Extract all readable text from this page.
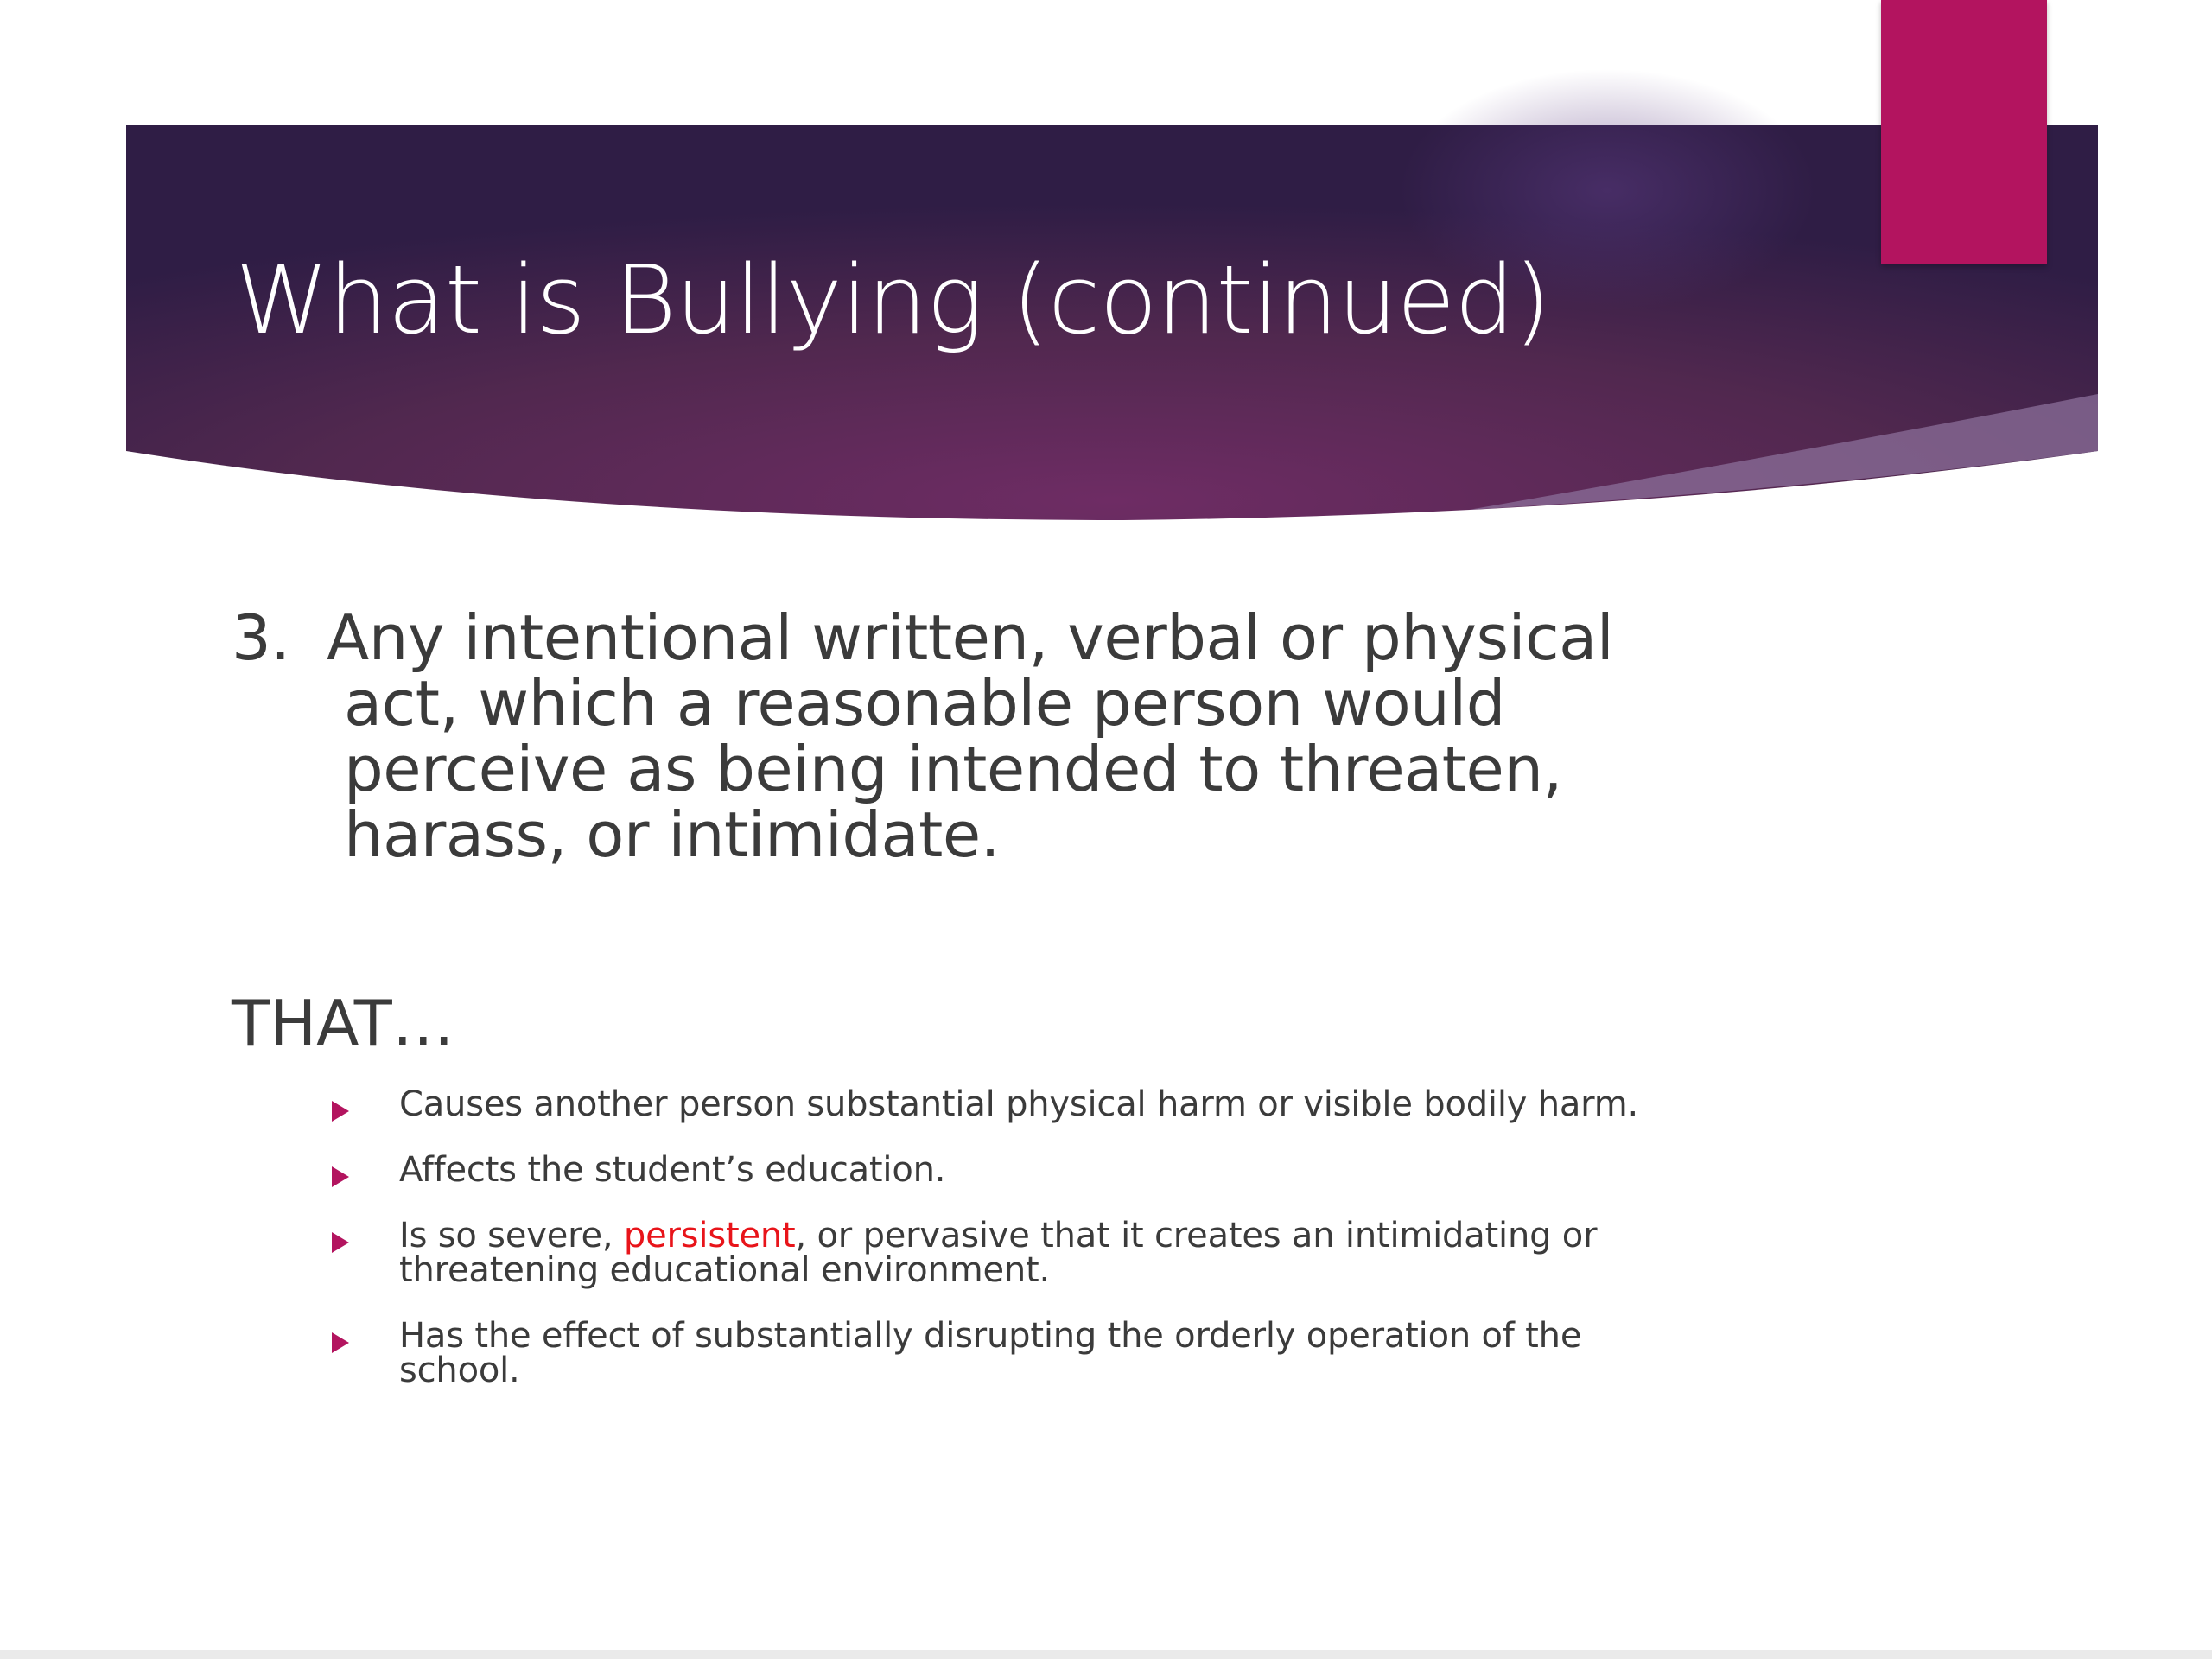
What is Bullying (continued)
3. Any intentional written, verbal or physical
act, which a reasonable person would
perceive as being intended to threaten,
harass, or intimidate.
THAT…
Causes another person substantial physical harm or visible bodily harm.
Affects the student’s education.
Is so severe, persistent, or pervasive that it creates an intimidating or
threatening educational environment.
Has the effect of substantially disrupting the orderly operation of the
school.
